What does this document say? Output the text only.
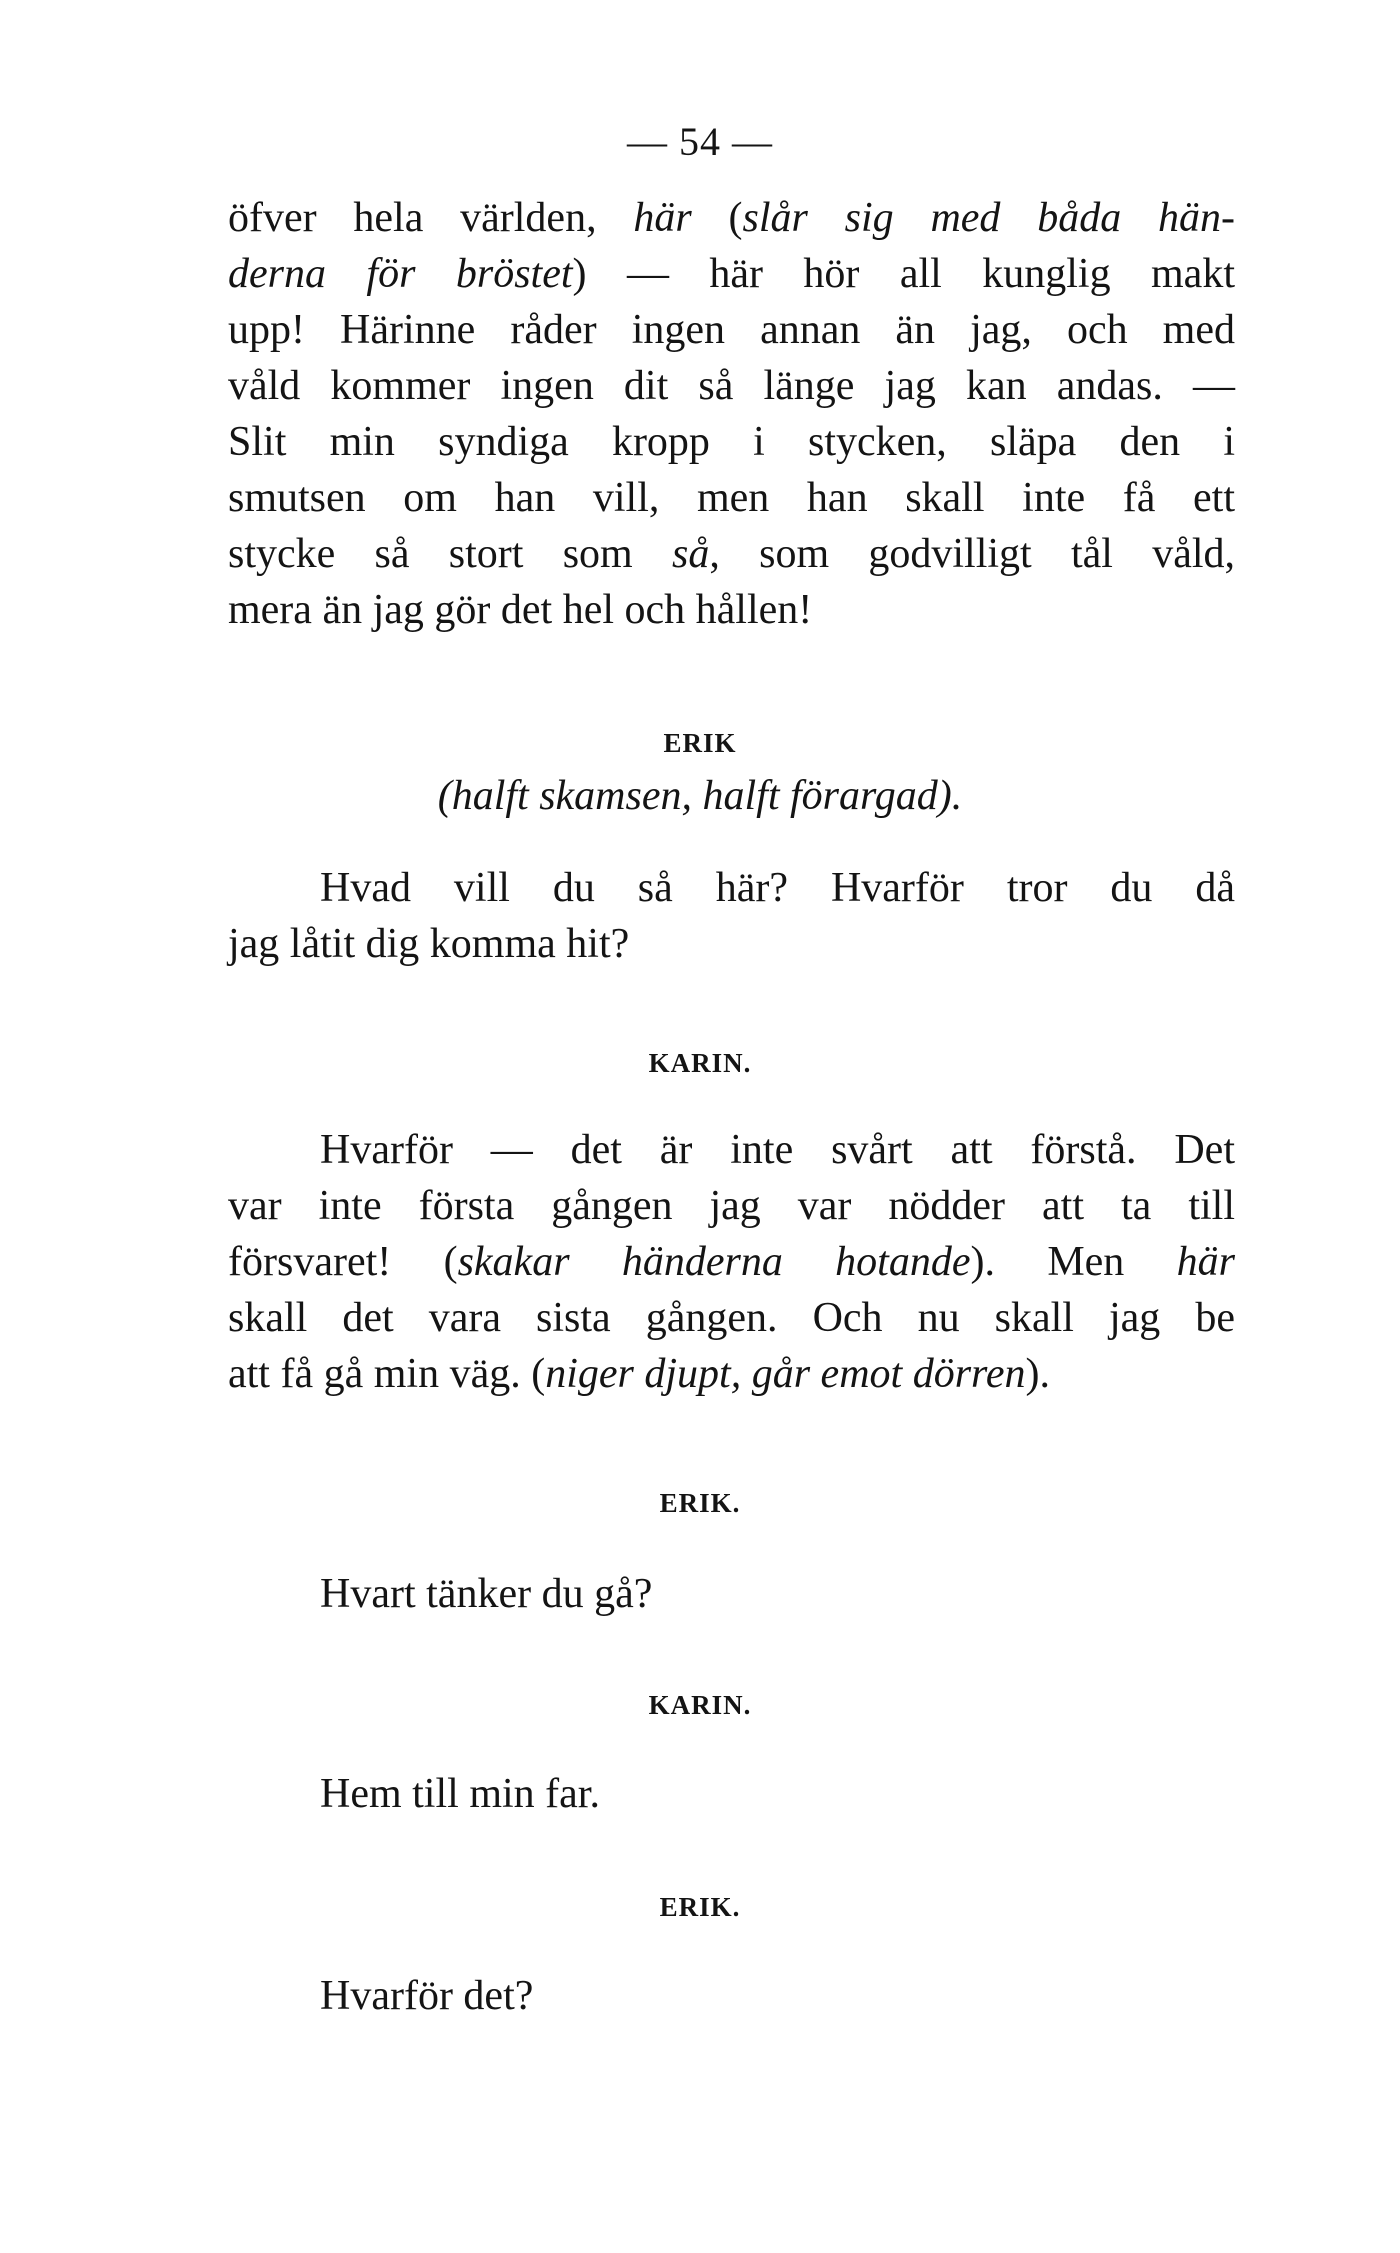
— 54 —
öfver hela världen, här (slår sig med båda hän-
derna för bröstet) — här hör all kunglig makt
upp! Härinne råder ingen annan än jag, och med
våld kommer ingen dit så länge jag kan andas. —
Slit min syndiga kropp i stycken, släpa den i
smutsen om han vill, men han skall inte få ett
stycke så stort som så, som godvilligt tål våld,
mera än jag gör det hel och hållen!
ERIK
(halft skamsen, halft förargad).
Hvad vill du så här? Hvarför tror du då
jag låtit dig komma hit?
KARIN.
Hvarför — det är inte svårt att förstå. Det
var inte första gången jag var nödder att ta till
försvaret! (skakar händerna hotande). Men här
skall det vara sista gången. Och nu skall jag be
att få gå min väg. (niger djupt, går emot dörren).
ERIK.
Hvart tänker du gå?
KARIN.
Hem till min far.
ERIK.
Hvarför det?
